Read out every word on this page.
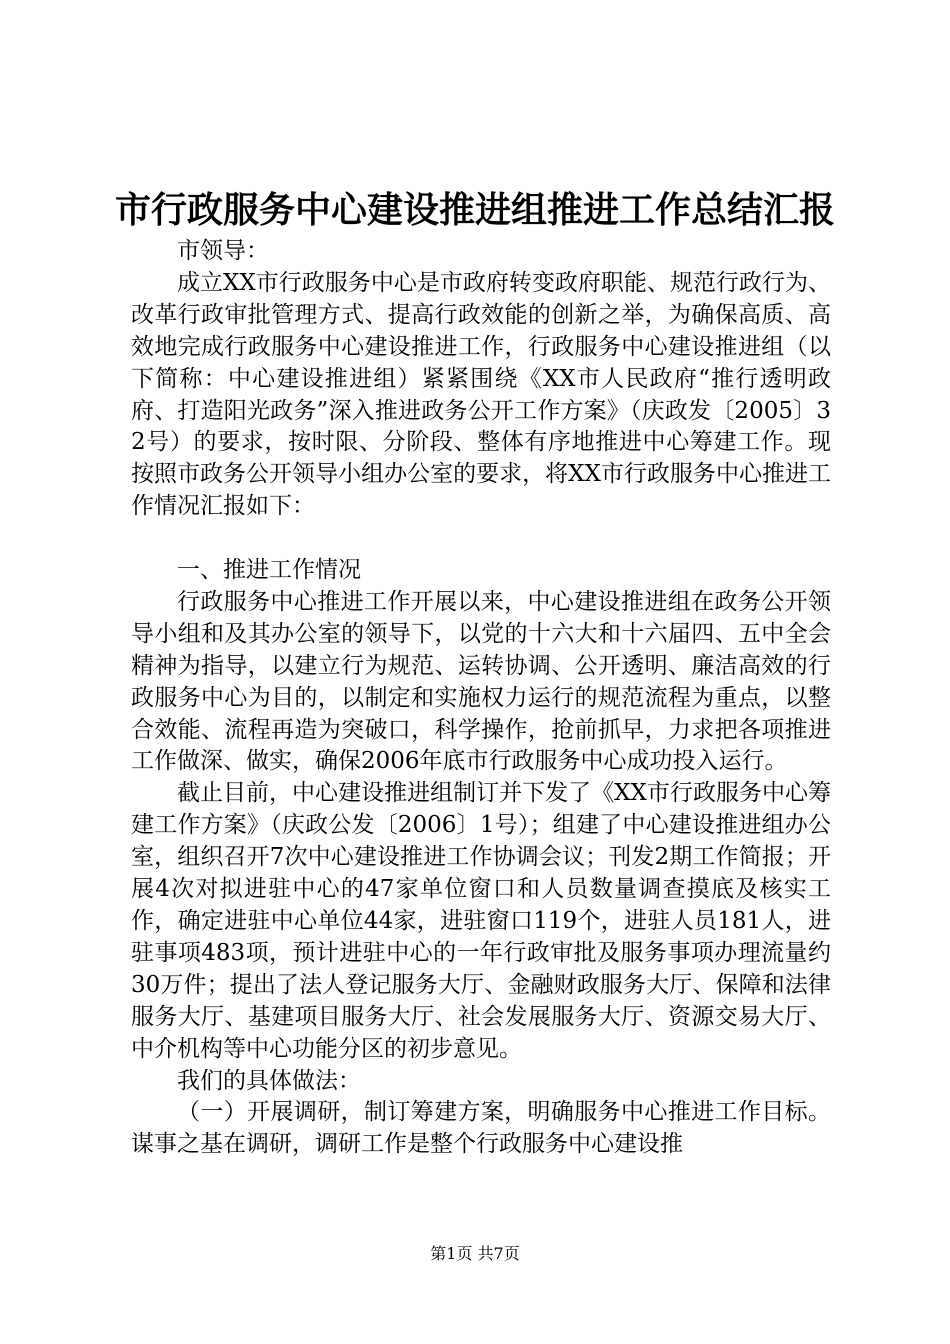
市行政服务中心建设推进组推进工作总结汇报

市领导：

成立XX市行政服务中心是市政府转变政府职能、规范行政行为、改革行政审批管理方式、提高行政效能的创新之举，为确保高质、高效地完成行政服务中心建设推进工作，行政服务中心建设推进组（以下简称：中心建设推进组）紧紧围绕《XX市人民政府“推行透明政府、打造阳光政务”深入推进政务公开工作方案》（庆政发〔2005〕32号）的要求，按时限、分阶段、整体有序地推进中心筹建工作。现按照市政务公开领导小组办公室的要求，将XX市行政服务中心推进工作情况汇报如下：

一、推进工作情况

行政服务中心推进工作开展以来，中心建设推进组在政务公开领导小组和及其办公室的领导下，以党的十六大和十六届四、五中全会精神为指导，以建立行为规范、运转协调、公开透明、廉洁高效的行政服务中心为目的，以制定和实施权力运行的规范流程为重点，以整合效能、流程再造为突破口，科学操作，抢前抓早，力求把各项推进工作做深、做实，确保2006年底市行政服务中心成功投入运行。

截止目前，中心建设推进组制订并下发了《XX市行政服务中心筹建工作方案》（庆政公发〔2006〕1号）；组建了中心建设推进组办公室，组织召开7次中心建设推进工作协调会议；刊发2期工作简报；开展4次对拟进驻中心的47家单位窗口和人员数量调查摸底及核实工作，确定进驻中心单位44家，进驻窗口119个，进驻人员181人，进驻事项483项，预计进驻中心的一年行政审批及服务事项办理流量约30万件；提出了法人登记服务大厅、金融财政服务大厅、保障和法律服务大厅、基建项目服务大厅、社会发展服务大厅、资源交易大厅、中介机构等中心功能分区的初步意见。

我们的具体做法：

（一）开展调研，制订筹建方案，明确服务中心推进工作目标。谋事之基在调研，调研工作是整个行政服务中心建设推

第1页 共7页
